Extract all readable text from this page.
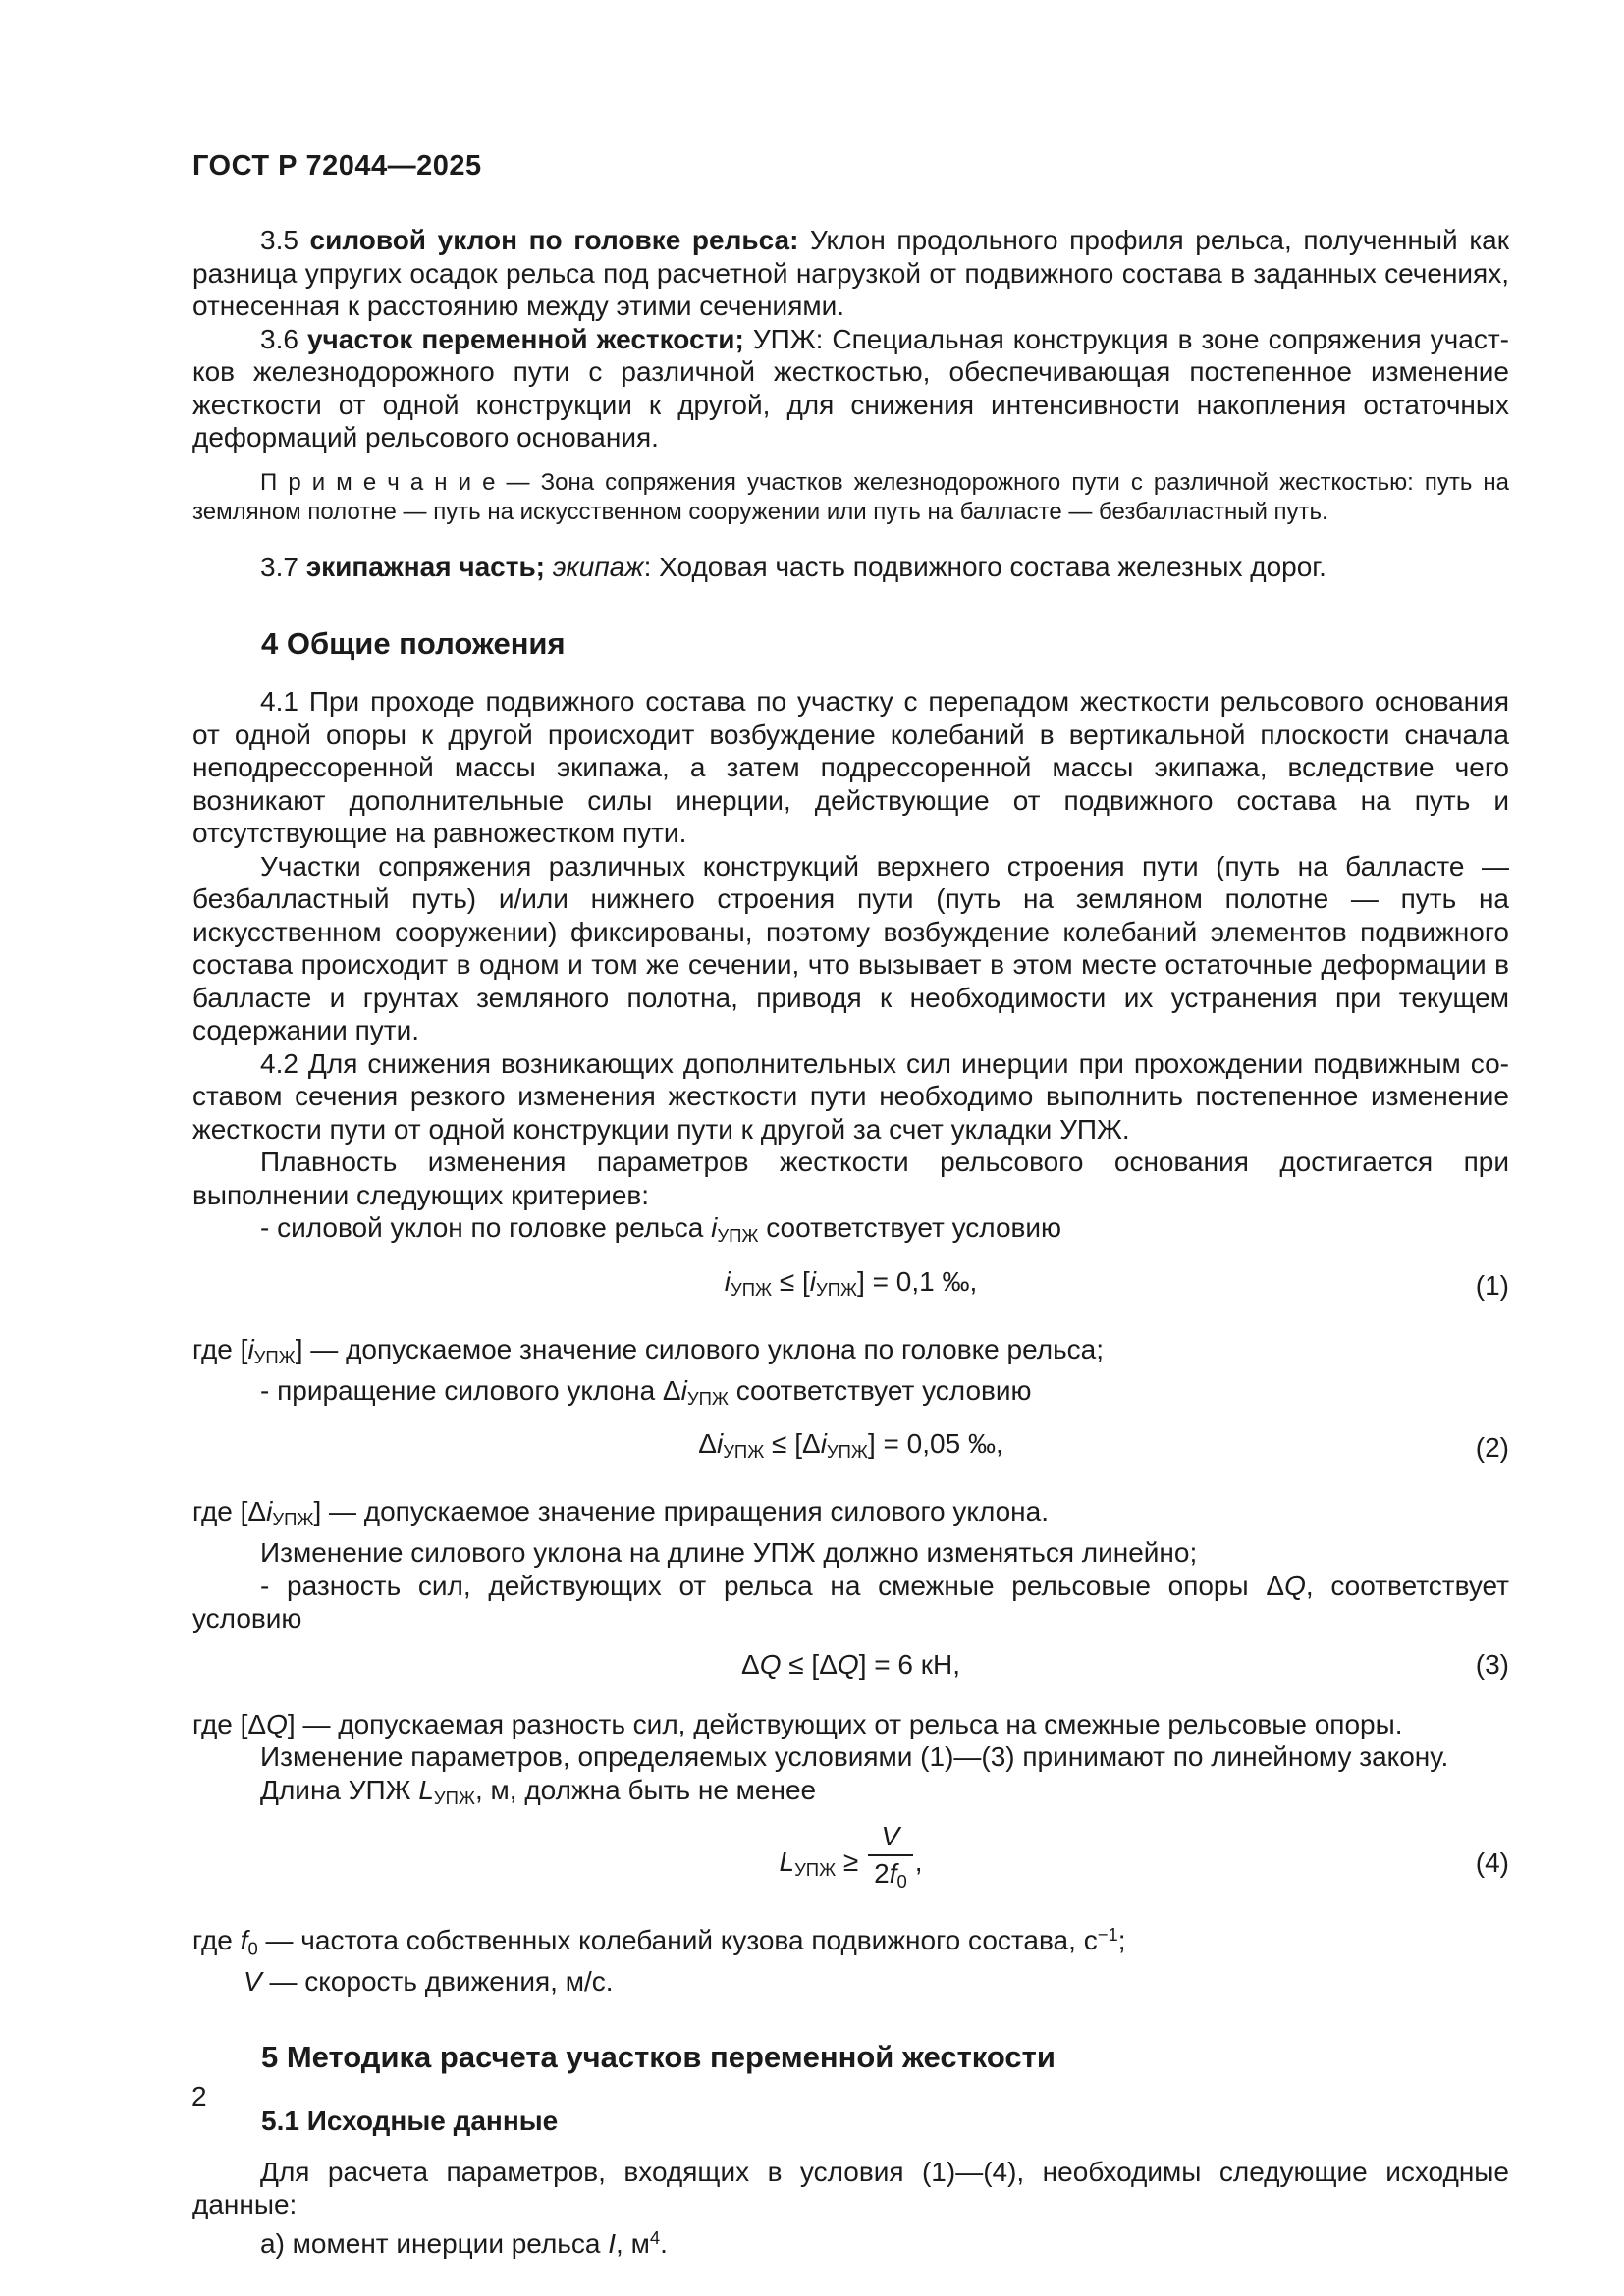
ГОСТ Р 72044—2025

3.5 силовой уклон по головке рельса: Уклон продольного профиля рельса, полученный как разница упругих осадок рельса под расчетной нагрузкой от подвижного состава в заданных сечениях, отнесенная к расстоянию между этими сечениями.

3.6 участок переменной жесткости; УПЖ: Специальная конструкция в зоне сопряжения участков железнодорожного пути с различной жесткостью, обеспечивающая постепенное изменение жесткости от одной конструкции к другой, для снижения интенсивности накопления остаточных деформаций рельсового основания.

П р и м е ч а н и е — Зона сопряжения участков железнодорожного пути с различной жесткостью: путь на земляном полотне — путь на искусственном сооружении или путь на балласте — безбалластный путь.

3.7 экипажная часть; экипаж: Ходовая часть подвижного состава железных дорог.

4 Общие положения

4.1 При проходе подвижного состава по участку с перепадом жесткости рельсового основания от одной опоры к другой происходит возбуждение колебаний в вертикальной плоскости сначала неподрессоренной массы экипажа, а затем подрессоренной массы экипажа, вследствие чего возникают дополнительные силы инерции, действующие от подвижного состава на путь и отсутствующие на равножестком пути.

Участки сопряжения различных конструкций верхнего строения пути (путь на балласте — безбалластный путь) и/или нижнего строения пути (путь на земляном полотне — путь на искусственном сооружении) фиксированы, поэтому возбуждение колебаний элементов подвижного состава происходит в одном и том же сечении, что вызывает в этом месте остаточные деформации в балласте и грунтах земляного полотна, приводя к необходимости их устранения при текущем содержании пути.

4.2 Для снижения возникающих дополнительных сил инерции при прохождении подвижным составом сечения резкого изменения жесткости пути необходимо выполнить постепенное изменение жесткости пути от одной конструкции пути к другой за счет укладки УПЖ.

Плавность изменения параметров жесткости рельсового основания достигается при выполнении следующих критериев:

- силовой уклон по головке рельса iУПЖ соответствует условию

iУПЖ ≤ [iУПЖ] = 0,1 ‰,	(1)

где [iУПЖ] — допускаемое значение силового уклона по головке рельса;

- приращение силового уклона ΔiУПЖ соответствует условию

ΔiУПЖ ≤ [ΔiУПЖ] = 0,05 ‰,	(2)

где [ΔiУПЖ] — допускаемое значение приращения силового уклона.

Изменение силового уклона на длине УПЖ должно изменяться линейно;

- разность сил, действующих от рельса на смежные рельсовые опоры ΔQ, соответствует условию

ΔQ ≤ [ΔQ] = 6 кН,	(3)

где [ΔQ] — допускаемая разность сил, действующих от рельса на смежные рельсовые опоры.

Изменение параметров, определяемых условиями (1)—(3) принимают по линейному закону.

Длина УПЖ LУПЖ, м, должна быть не менее

LУПЖ ≥ $\frac{V}{2f0}$ ,	(4)

где f0 — частота собственных колебаний кузова подвижного состава, $с^{-1}$;

V — скорость движения, м/с.

5 Методика расчета участков переменной жесткости
5.1 Исходные данные

Для расчета параметров, входящих в условия (1)—(4), необходимы следующие исходные данные:

а) момент инерции рельса I, $м^4$.

2
